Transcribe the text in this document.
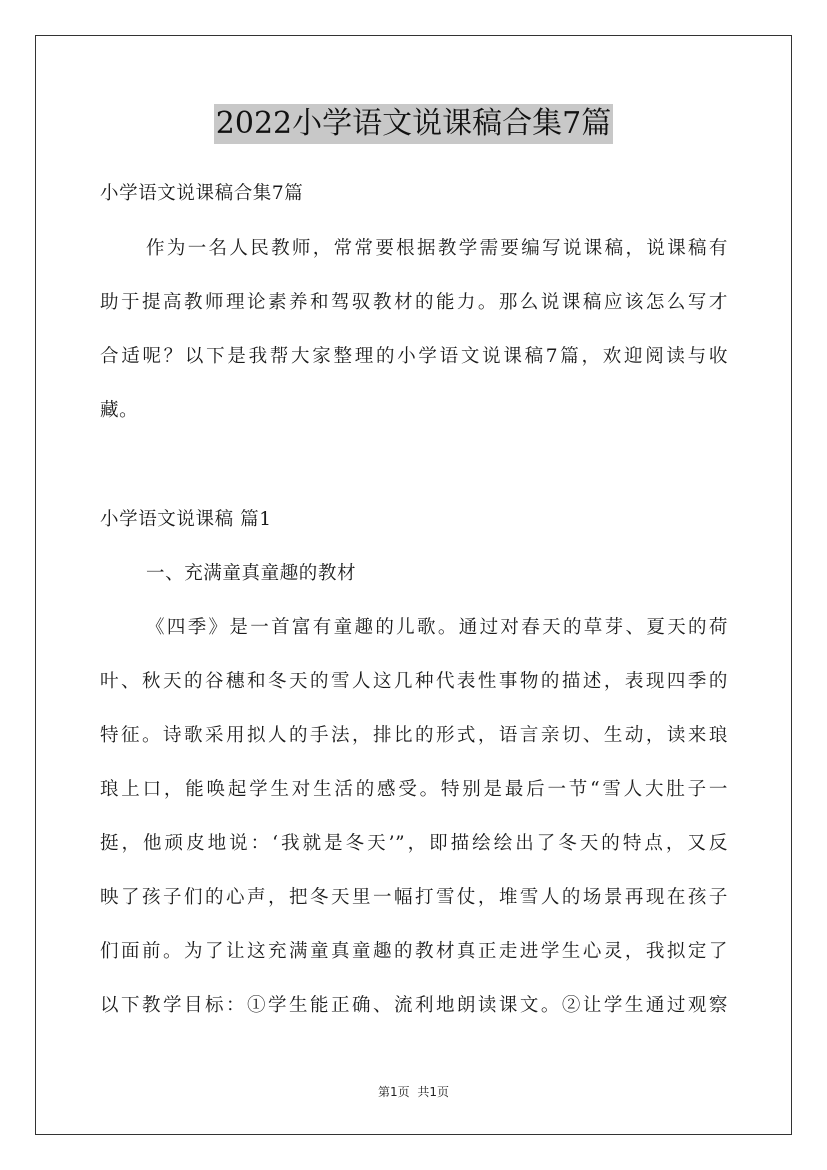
2022小学语文说课稿合集7篇
小学语文说课稿合集7篇
作为一名人民教师，常常要根据教学需要编写说课稿，说课稿有
助于提高教师理论素养和驾驭教材的能力。那么说课稿应该怎么写才
合适呢？以下是我帮大家整理的小学语文说课稿7篇，欢迎阅读与收
藏。
小学语文说课稿 篇1
一、充满童真童趣的教材
《四季》是一首富有童趣的儿歌。通过对春天的草芽、夏天的荷
叶、秋天的谷穗和冬天的雪人这几种代表性事物的描述，表现四季的
特征。诗歌采用拟人的手法，排比的形式，语言亲切、生动，读来琅
琅上口，能唤起学生对生活的感受。特别是最后一节“雪人大肚子一
挺，他顽皮地说：‘我就是冬天’”，即描绘绘出了冬天的特点，又反
映了孩子们的心声，把冬天里一幅打雪仗，堆雪人的场景再现在孩子
们面前。为了让这充满童真童趣的教材真正走进学生心灵，我拟定了
以下教学目标：①学生能正确、流利地朗读课文。②让学生通过观察
第1页 共1页
